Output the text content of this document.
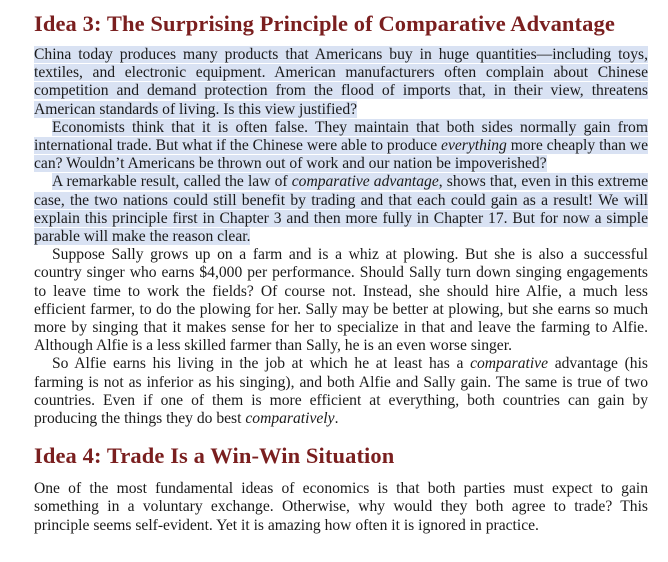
Idea 3: The Surprising Principle of Comparative Advantage

China today produces many products that Americans buy in huge quantities—including toys, textiles, and electronic equipment. American manufacturers often complain about Chinese competition and demand protection from the flood of imports that, in their view, threatens American standards of living. Is this view justified?

Economists think that it is often false. They maintain that both sides normally gain from international trade. But what if the Chinese were able to produce everything more cheaply than we can? Wouldn’t Americans be thrown out of work and our nation be impoverished?

A remarkable result, called the law of comparative advantage, shows that, even in this extreme case, the two nations could still benefit by trading and that each could gain as a result! We will explain this principle first in Chapter 3 and then more fully in Chapter 17. But for now a simple parable will make the reason clear.

Suppose Sally grows up on a farm and is a whiz at plowing. But she is also a successful country singer who earns $4,000 per performance. Should Sally turn down singing engagements to leave time to work the fields? Of course not. Instead, she should hire Alfie, a much less efficient farmer, to do the plowing for her. Sally may be better at plowing, but she earns so much more by singing that it makes sense for her to specialize in that and leave the farming to Alfie. Although Alfie is a less skilled farmer than Sally, he is an even worse singer.

So Alfie earns his living in the job at which he at least has a comparative advantage (his farming is not as inferior as his singing), and both Alfie and Sally gain. The same is true of two countries. Even if one of them is more efficient at everything, both countries can gain by producing the things they do best comparatively.

Idea 4: Trade Is a Win-Win Situation

One of the most fundamental ideas of economics is that both parties must expect to gain something in a voluntary exchange. Otherwise, why would they both agree to trade? This principle seems self-evident. Yet it is amazing how often it is ignored in practice.
